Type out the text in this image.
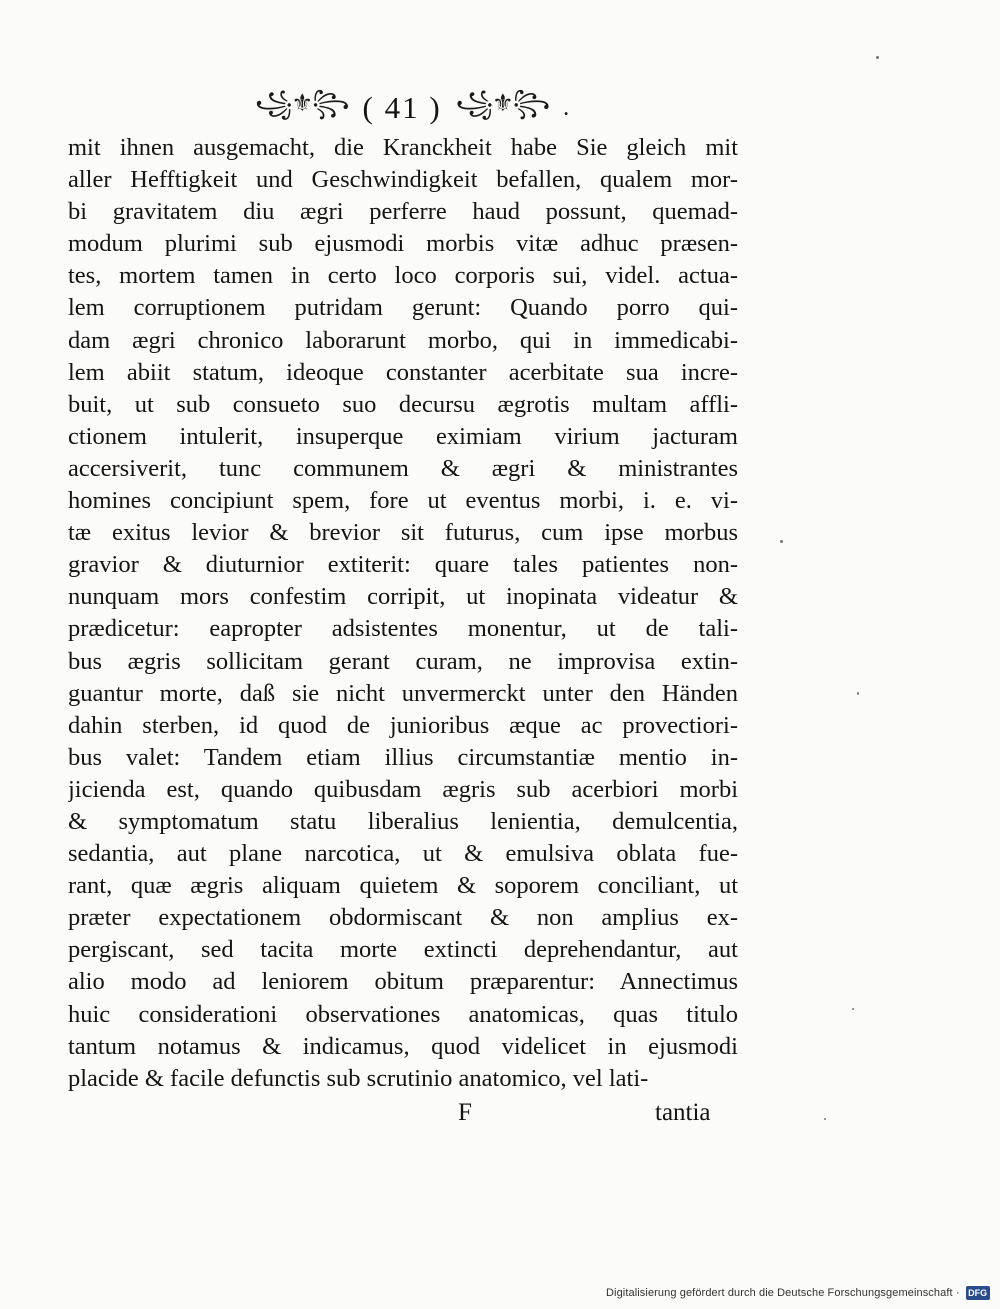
꧁⚜꧂ ( 41 ) ꧁⚜꧂ .
mit ihnen ausgemacht, die Kranckheit habe Sie gleich mit
aller Hefftigkeit und Geschwindigkeit befallen, qualem mor-
bi gravitatem diu ægri perferre haud possunt, quemad-
modum plurimi sub ejusmodi morbis vitæ adhuc præsen-
tes, mortem tamen in certo loco corporis sui, videl. actua-
lem corruptionem putridam gerunt: Quando porro qui-
dam ægri chronico laborarunt morbo, qui in immedicabi-
lem abiit statum, ideoque constanter acerbitate sua incre-
buit, ut sub consueto suo decursu ægrotis multam affli-
ctionem intulerit, insuperque eximiam virium jacturam
accersiverit, tunc communem & ægri & ministrantes
homines concipiunt spem, fore ut eventus morbi, i. e. vi-
tæ exitus levior & brevior sit futurus, cum ipse morbus
gravior & diuturnior extiterit: quare tales patientes non-
nunquam mors confestim corripit, ut inopinata videatur &
prædicetur: eapropter adsistentes monentur, ut de tali-
bus ægris sollicitam gerant curam, ne improvisa extin-
guantur morte, daß sie nicht unvermerckt unter den Händen
dahin sterben, id quod de junioribus æque ac provectiori-
bus valet: Tandem etiam illius circumstantiæ mentio in-
jicienda est, quando quibusdam ægris sub acerbiori morbi
& symptomatum statu liberalius lenientia, demulcentia,
sedantia, aut plane narcotica, ut & emulsiva oblata fue-
rant, quæ ægris aliquam quietem & soporem conciliant, ut
præter expectationem obdormiscant & non amplius ex-
pergiscant, sed tacita morte extincti deprehendantur, aut
alio modo ad leniorem obitum præparentur: Annectimus
huic considerationi observationes anatomicas, quas titulo
tantum notamus & indicamus, quod videlicet in ejusmodi
placide & facile defunctis sub scrutinio anatomico, vel lati-
F	tantia
Digitalisierung gefördert durch die Deutsche Forschungsgemeinschaft · DFG
